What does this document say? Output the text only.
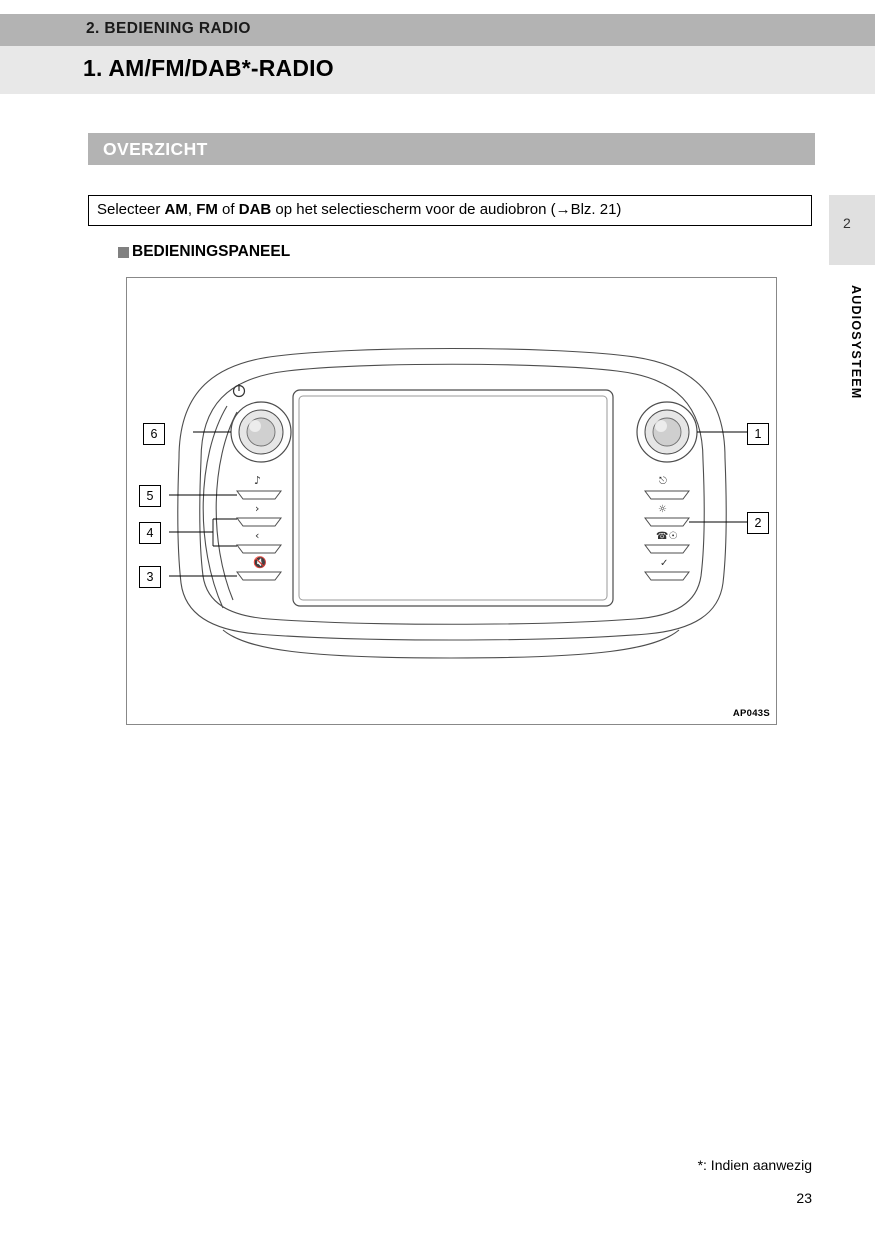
2. BEDIENING RADIO
1. AM/FM/DAB*-RADIO
OVERZICHT
Selecteer AM, FM of DAB op het selectiescherm voor de audiobron (→Blz. 21)
BEDIENINGSPANEEL
♪
›
‹
🔇
⎋
☼
☎☉
✓
6
5
4
3
1
2
AP043S
2
AUDIOSYSTEEM
*: Indien aanwezig
23
